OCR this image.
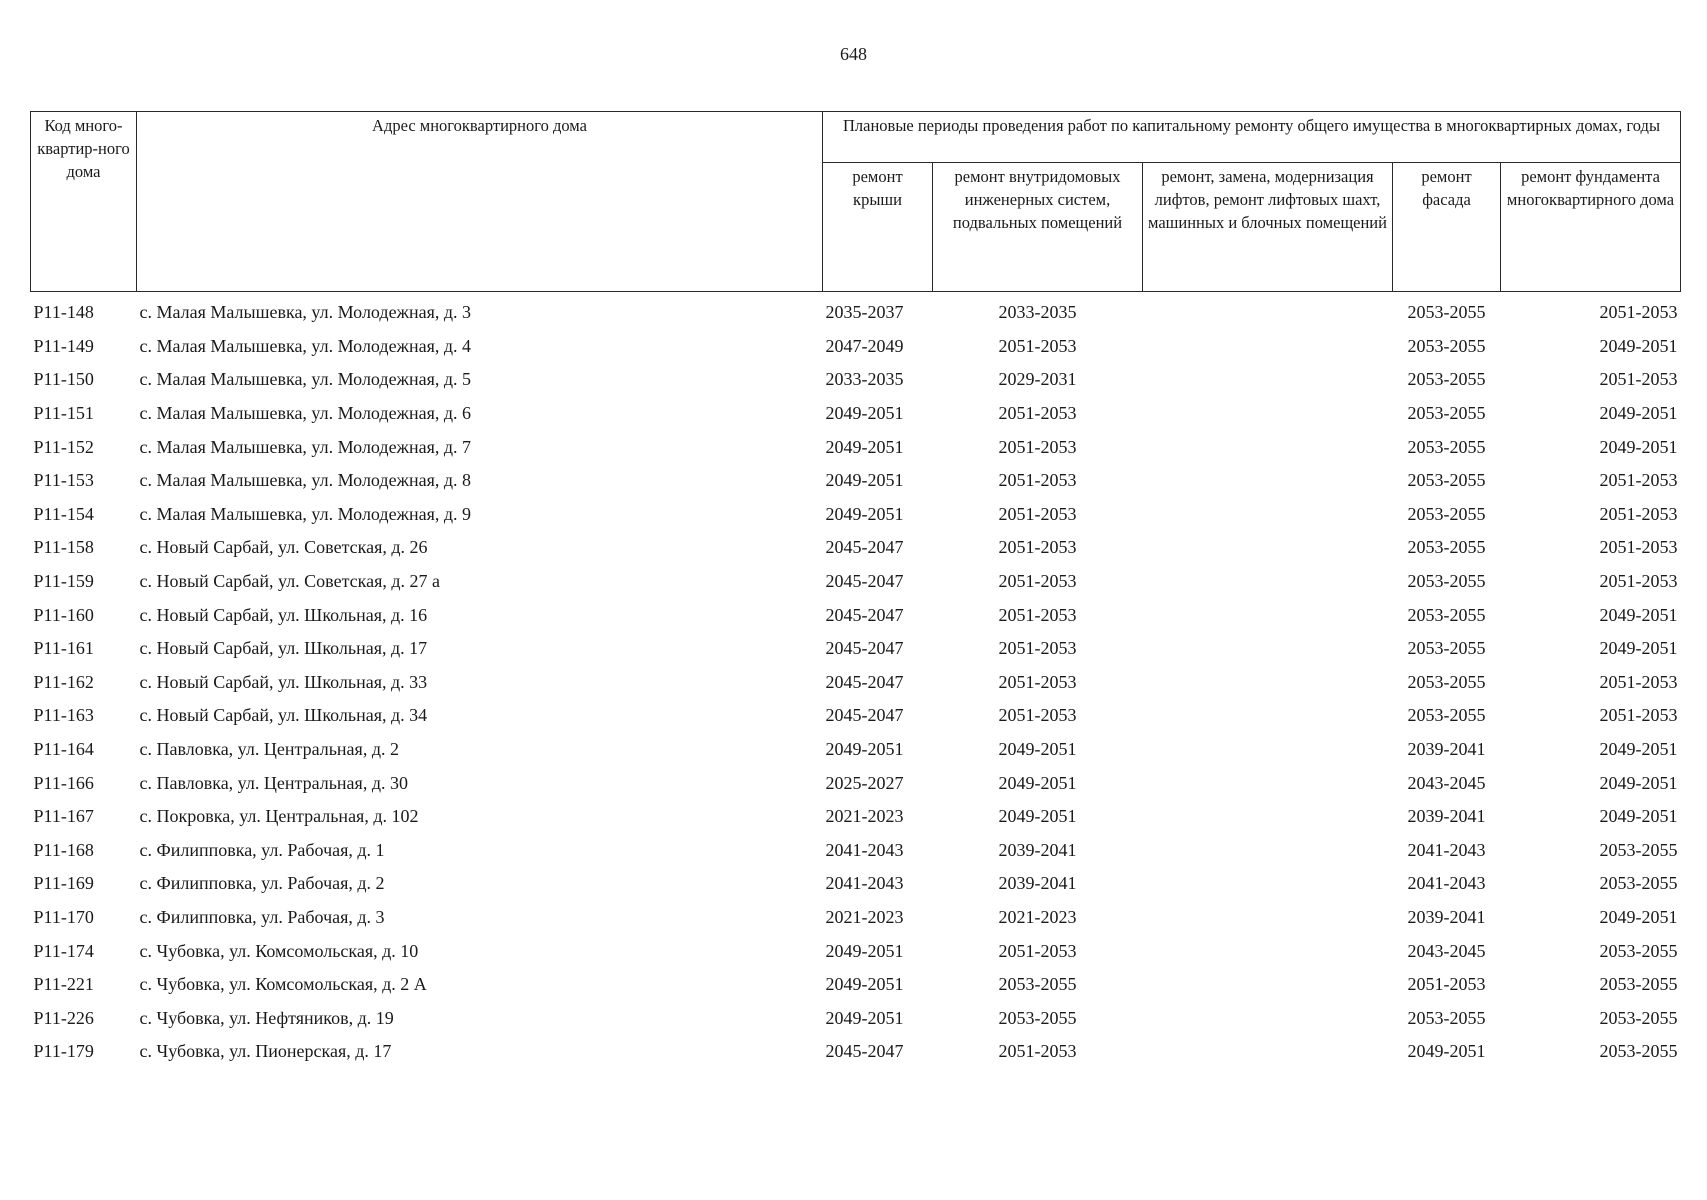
648
Код много-квартир-ного дома	Адрес многоквартирного дома	Плановые периоды проведения работ по капитальному ремонту общего имущества в многоквартирных домах, годы				
		ремонт крыши	ремонт внутридомовых инженерных систем, подвальных помещений	ремонт, замена, модернизация лифтов, ремонт лифтовых шахт, машинных и блочных помещений	ремонт фасада	ремонт фундамента многоквартирного дома
Р11-148	с. Малая Малышевка, ул. Молодежная, д. 3	2035-2037	2033-2035		2053-2055	2051-2053
Р11-149	с. Малая Малышевка, ул. Молодежная, д. 4	2047-2049	2051-2053		2053-2055	2049-2051
Р11-150	с. Малая Малышевка, ул. Молодежная, д. 5	2033-2035	2029-2031		2053-2055	2051-2053
Р11-151	с. Малая Малышевка, ул. Молодежная, д. 6	2049-2051	2051-2053		2053-2055	2049-2051
Р11-152	с. Малая Малышевка, ул. Молодежная, д. 7	2049-2051	2051-2053		2053-2055	2049-2051
Р11-153	с. Малая Малышевка, ул. Молодежная, д. 8	2049-2051	2051-2053		2053-2055	2051-2053
Р11-154	с. Малая Малышевка, ул. Молодежная, д. 9	2049-2051	2051-2053		2053-2055	2051-2053
Р11-158	с. Новый Сарбай, ул. Советская, д. 26	2045-2047	2051-2053		2053-2055	2051-2053
Р11-159	с. Новый Сарбай, ул. Советская, д. 27 а	2045-2047	2051-2053		2053-2055	2051-2053
Р11-160	с. Новый Сарбай, ул. Школьная, д. 16	2045-2047	2051-2053		2053-2055	2049-2051
Р11-161	с. Новый Сарбай, ул. Школьная, д. 17	2045-2047	2051-2053		2053-2055	2049-2051
Р11-162	с. Новый Сарбай, ул. Школьная, д. 33	2045-2047	2051-2053		2053-2055	2051-2053
Р11-163	с. Новый Сарбай, ул. Школьная, д. 34	2045-2047	2051-2053		2053-2055	2051-2053
Р11-164	с. Павловка, ул. Центральная, д. 2	2049-2051	2049-2051		2039-2041	2049-2051
Р11-166	с. Павловка, ул. Центральная, д. 30	2025-2027	2049-2051		2043-2045	2049-2051
Р11-167	с. Покровка, ул. Центральная, д. 102	2021-2023	2049-2051		2039-2041	2049-2051
Р11-168	с. Филипповка, ул. Рабочая, д. 1	2041-2043	2039-2041		2041-2043	2053-2055
Р11-169	с. Филипповка, ул. Рабочая, д. 2	2041-2043	2039-2041		2041-2043	2053-2055
Р11-170	с. Филипповка, ул. Рабочая, д. 3	2021-2023	2021-2023		2039-2041	2049-2051
Р11-174	с. Чубовка, ул. Комсомольская, д. 10	2049-2051	2051-2053		2043-2045	2053-2055
Р11-221	с. Чубовка, ул. Комсомольская, д. 2 А	2049-2051	2053-2055		2051-2053	2053-2055
Р11-226	с. Чубовка, ул. Нефтяников, д. 19	2049-2051	2053-2055		2053-2055	2053-2055
Р11-179	с. Чубовка, ул. Пионерская, д. 17	2045-2047	2051-2053		2049-2051	2053-2055
